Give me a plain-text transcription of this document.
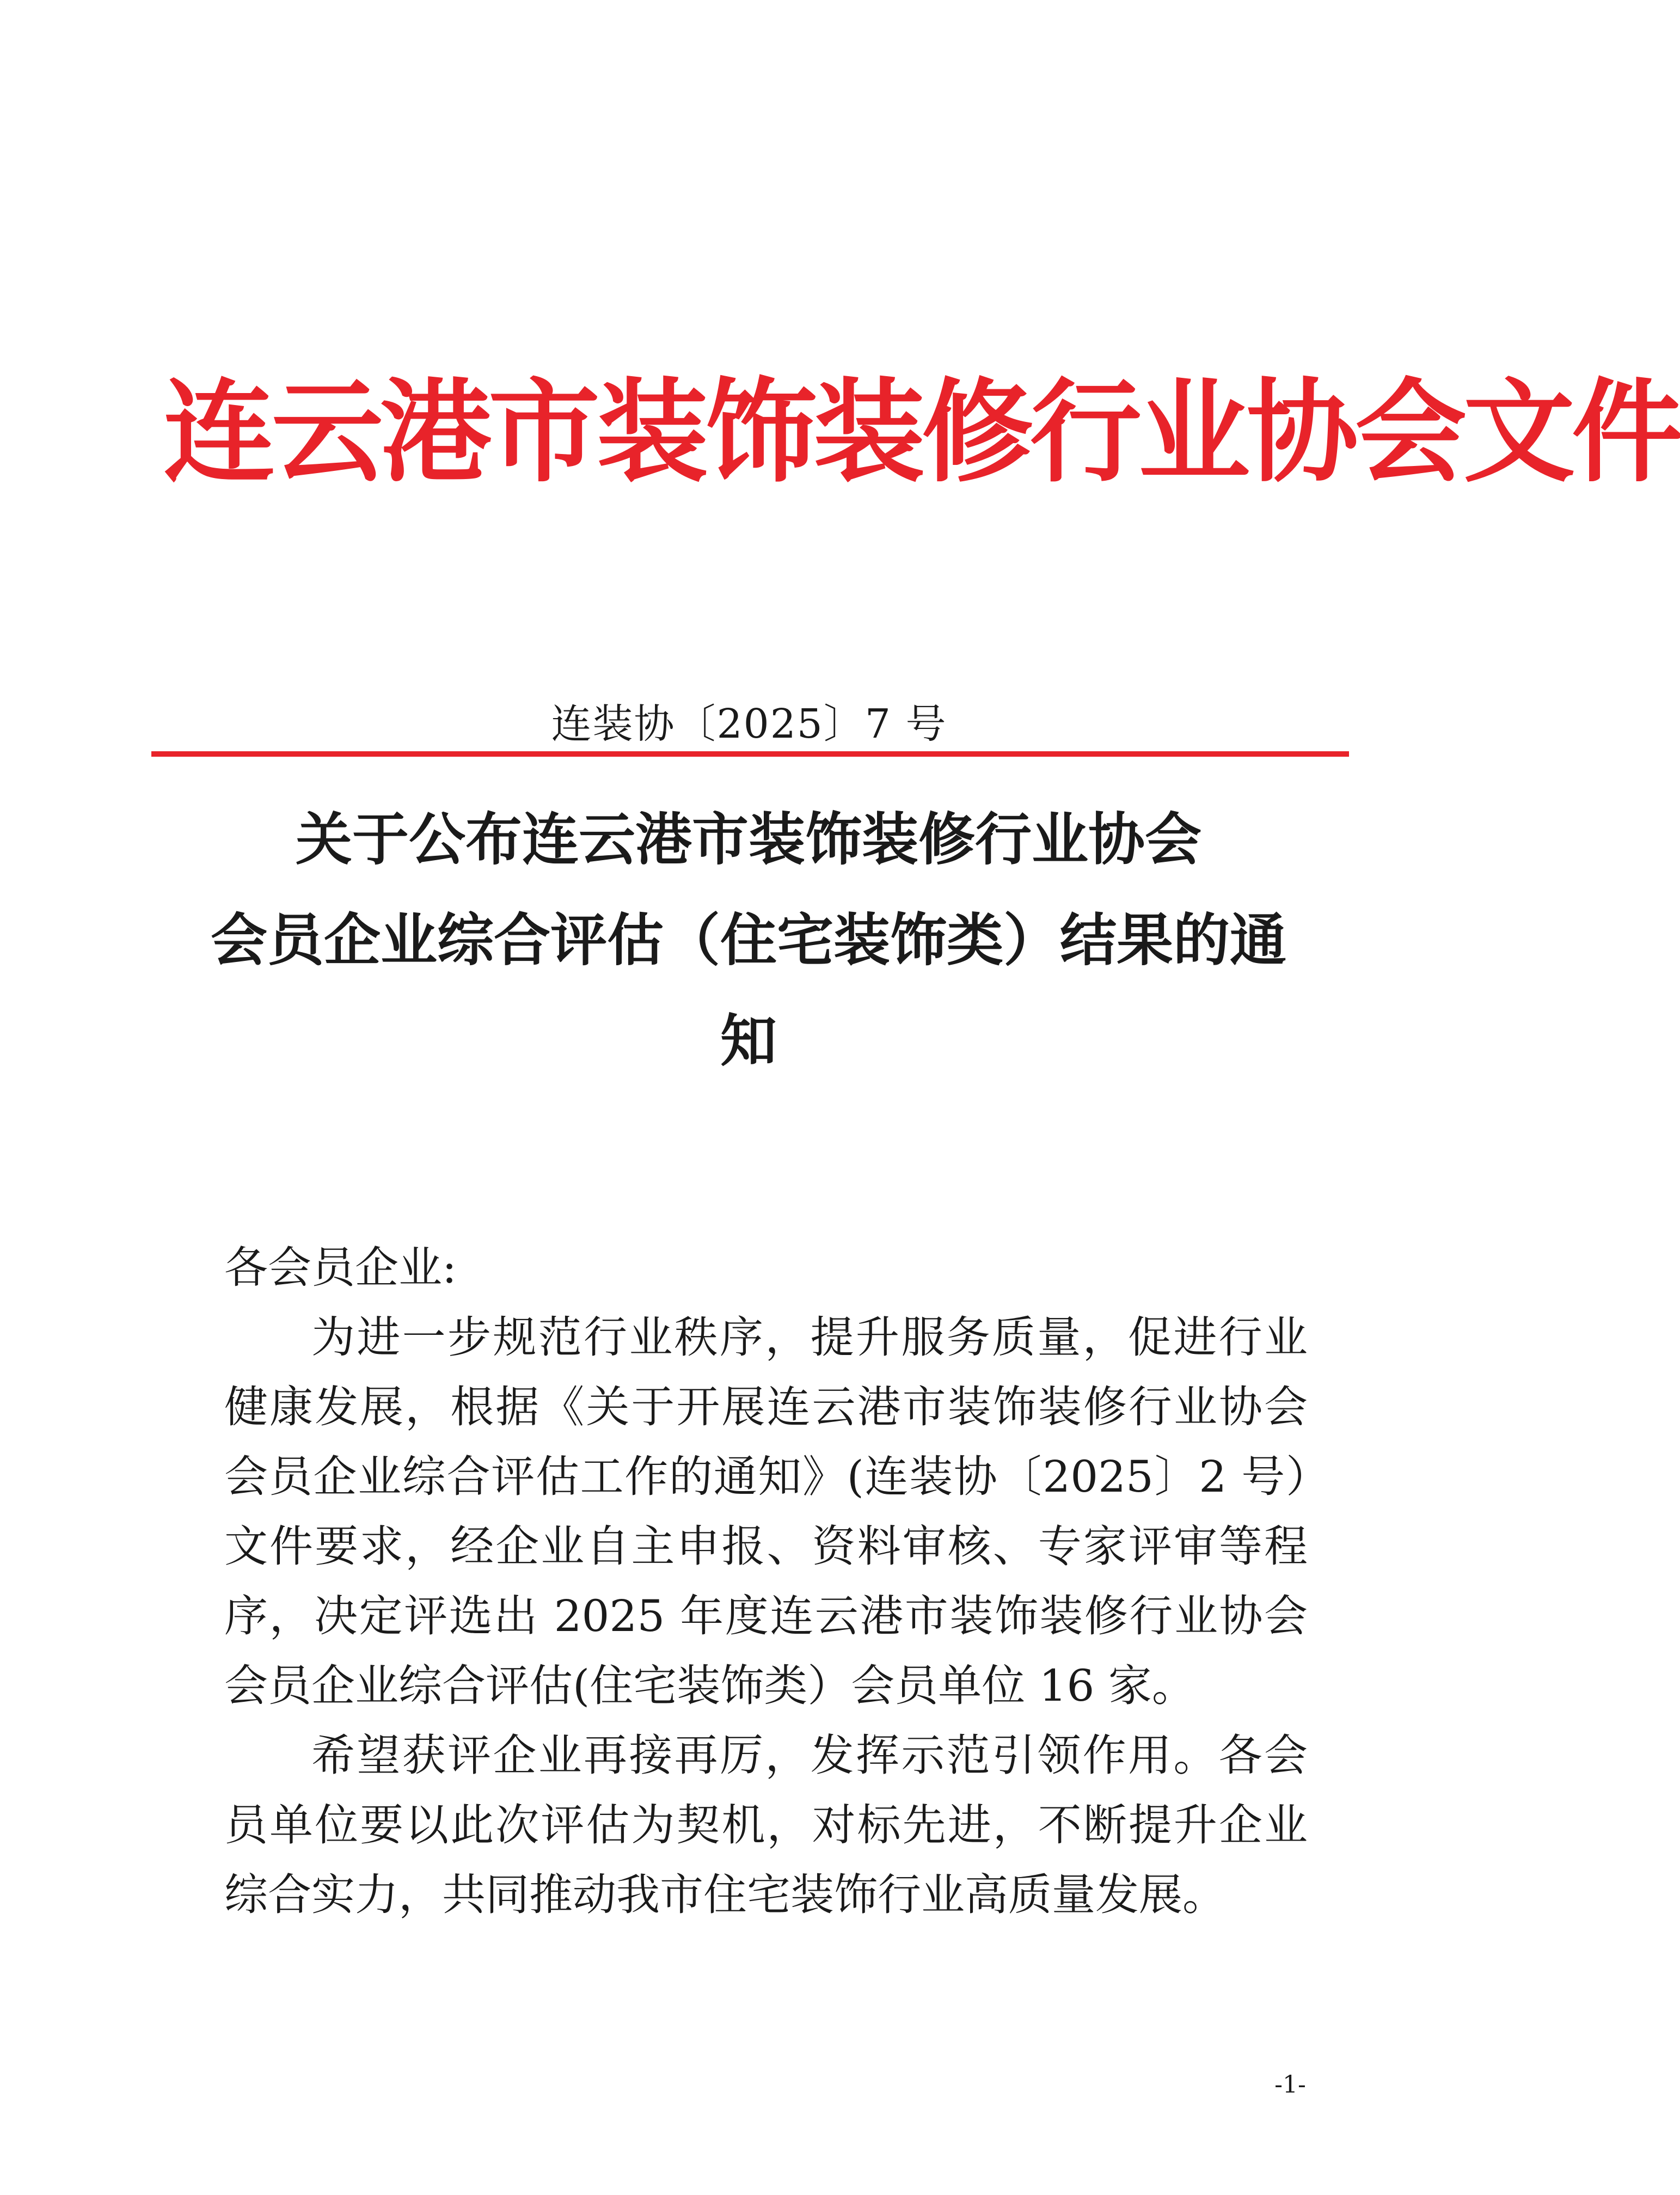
连云港市装饰装修行业协会文件
连装协〔2025〕7 号
关于公布连云港市装饰装修行业协会
会员企业综合评估（住宅装饰类）结果的通
知

各会员企业:

为进一步规范行业秩序，提升服务质量，促进行业健康发展，根据《关于开展连云港市装饰装修行业协会会员企业综合评估工作的通知》(连装协〔2025〕2 号）文件要求，经企业自主申报、资料审核、专家评审等程序，决定评选出 2025 年度连云港市装饰装修行业协会会员企业综合评估(住宅装饰类）会员单位 16 家。

希望获评企业再接再厉，发挥示范引领作用。各会员单位要以此次评估为契机，对标先进，不断提升企业综合实力，共同推动我市住宅装饰行业高质量发展。

-1-
